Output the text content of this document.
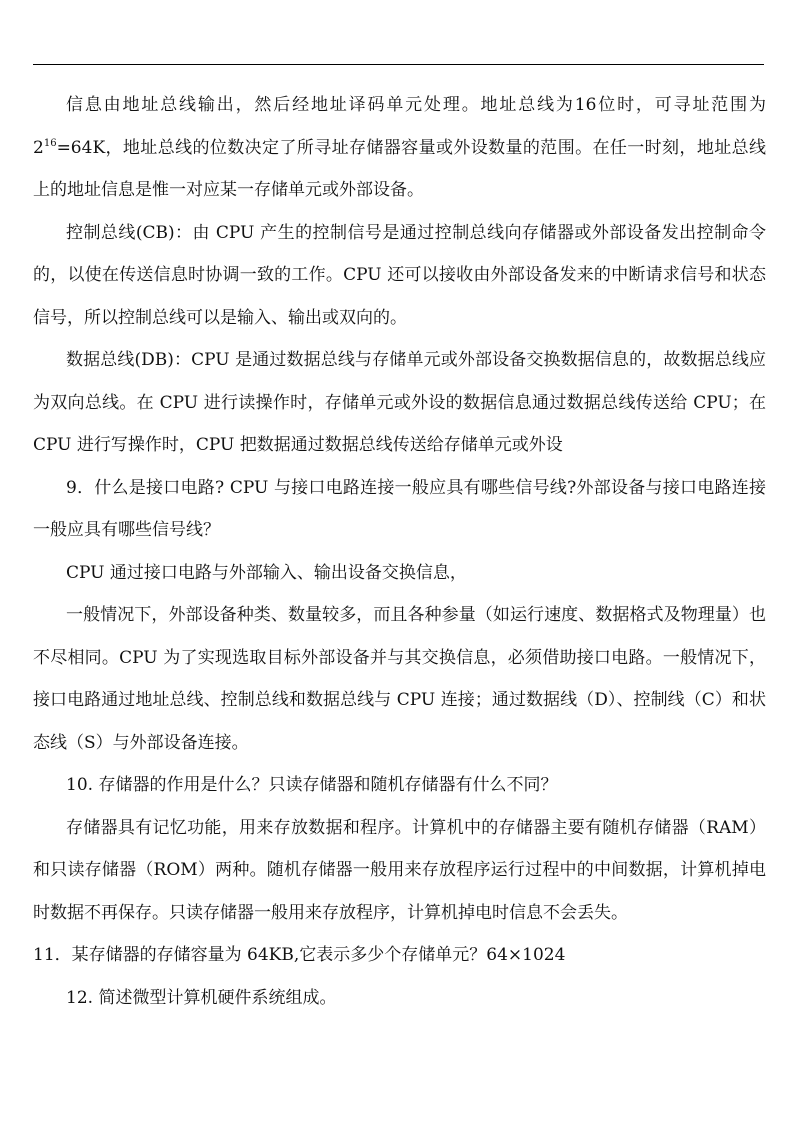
信息由地址总线输出，然后经地址译码单元处理。地址总线为16位时，可寻址范围为$2^{16}=64K$，地址总线的位数决定了所寻址存储器容量或外设数量的范围。在任一时刻，地址总线上的地址信息是惟一对应某一存储单元或外部设备。

控制总线(CB)：由 CPU 产生的控制信号是通过控制总线向存储器或外部设备发出控制命令的，以使在传送信息时协调一致的工作。CPU 还可以接收由外部设备发来的中断请求信号和状态信号，所以控制总线可以是输入、输出或双向的。

数据总线(DB)：CPU 是通过数据总线与存储单元或外部设备交换数据信息的，故数据总线应为双向总线。在 CPU 进行读操作时，存储单元或外设的数据信息通过数据总线传送给 CPU；在 CPU 进行写操作时，CPU 把数据通过数据总线传送给存储单元或外设

9．什么是接口电路? CPU 与接口电路连接一般应具有哪些信号线?外部设备与接口电路连接一般应具有哪些信号线？

CPU 通过接口电路与外部输入、输出设备交换信息，

一般情况下，外部设备种类、数量较多，而且各种参量（如运行速度、数据格式及物理量）也不尽相同。CPU 为了实现选取目标外部设备并与其交换信息，必须借助接口电路。一般情况下，接口电路通过地址总线、控制总线和数据总线与 CPU 连接；通过数据线（D）、控制线（C）和状态线（S）与外部设备连接。

10. 存储器的作用是什么？只读存储器和随机存储器有什么不同？

存储器具有记忆功能，用来存放数据和程序。计算机中的存储器主要有随机存储器（RAM）和只读存储器（ROM）两种。随机存储器一般用来存放程序运行过程中的中间数据，计算机掉电时数据不再保存。只读存储器一般用来存放程序，计算机掉电时信息不会丢失。

11．某存储器的存储容量为 64KB,它表示多少个存储单元？64×1024

12. 简述微型计算机硬件系统组成。
